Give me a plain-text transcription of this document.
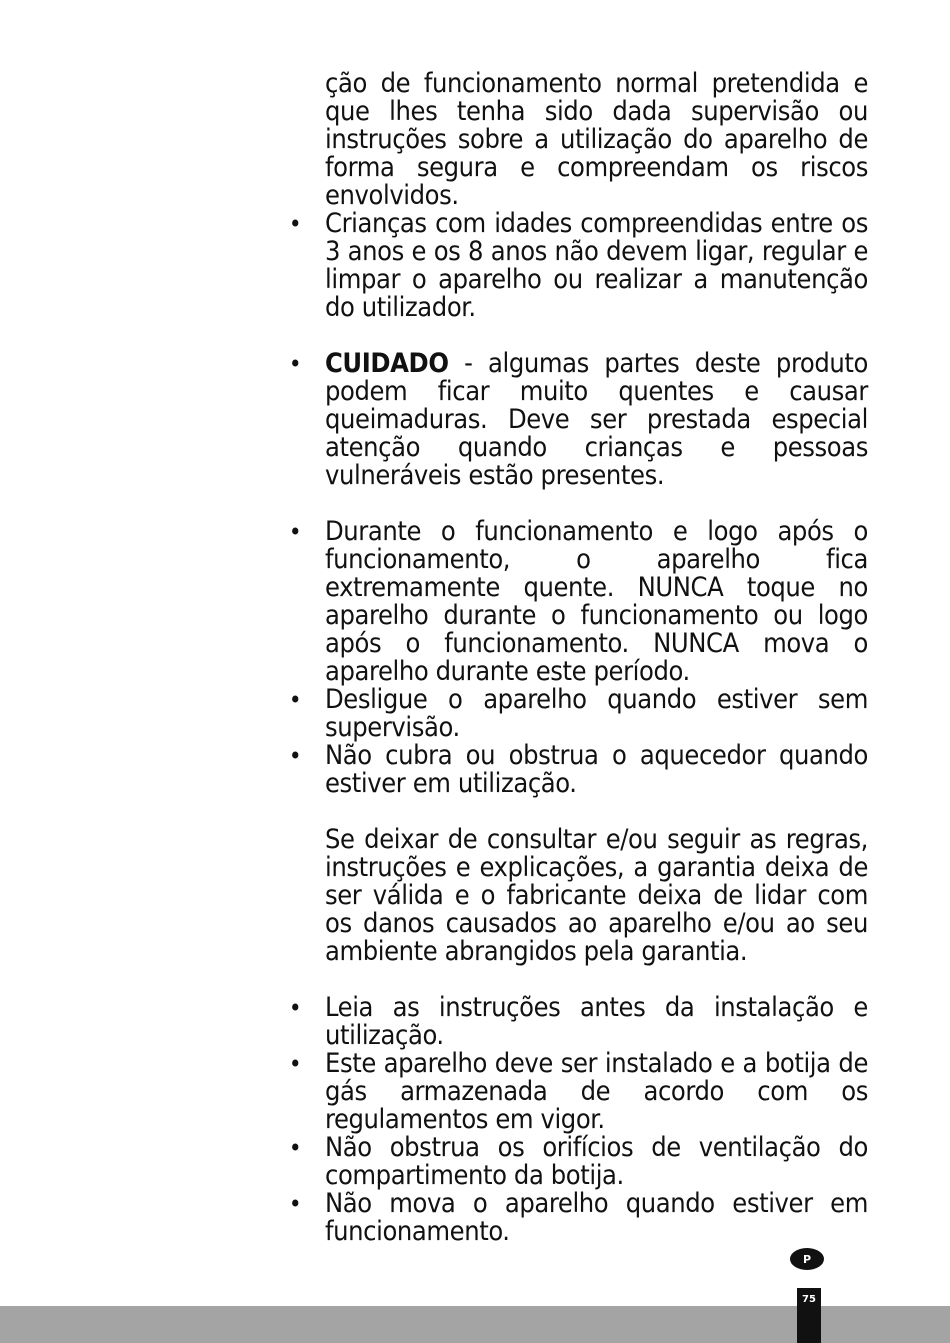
ção de funcionamento normal pretendida e que lhes tenha sido dada supervisão ou instruções sobre a utilização do aparelho de forma segura e compreendam os riscos envolvidos.

• Crianças com idades compreendidas entre os 3 anos e os 8 anos não devem ligar, regular e limpar o aparelho ou realizar a manutenção do utilizador.

• CUIDADO - algumas partes deste produto podem ficar muito quentes e causar queimaduras. Deve ser prestada especial atenção quando crianças e pessoas vulneráveis estão presentes.

• Durante o funcionamento e logo após o funcionamento, o aparelho fica extremamente quente. NUNCA toque no aparelho durante o funcionamento ou logo após o funcionamento. NUNCA mova o aparelho durante este período.

• Desligue o aparelho quando estiver sem supervisão.

• Não cubra ou obstrua o aquecedor quando estiver em utilização.

Se deixar de consultar e/ou seguir as regras, instruções e explicações, a garantia deixa de ser válida e o fabricante deixa de lidar com os danos causados ao aparelho e/ou ao seu ambiente abrangidos pela garantia.

• Leia as instruções antes da instalação e utilização.

• Este aparelho deve ser instalado e a botija de gás armazenada de acordo com os regulamentos em vigor.

• Não obstrua os orifícios de ventilação do compartimento da botija.

• Não mova o aparelho quando estiver em funcionamento.

P
75
